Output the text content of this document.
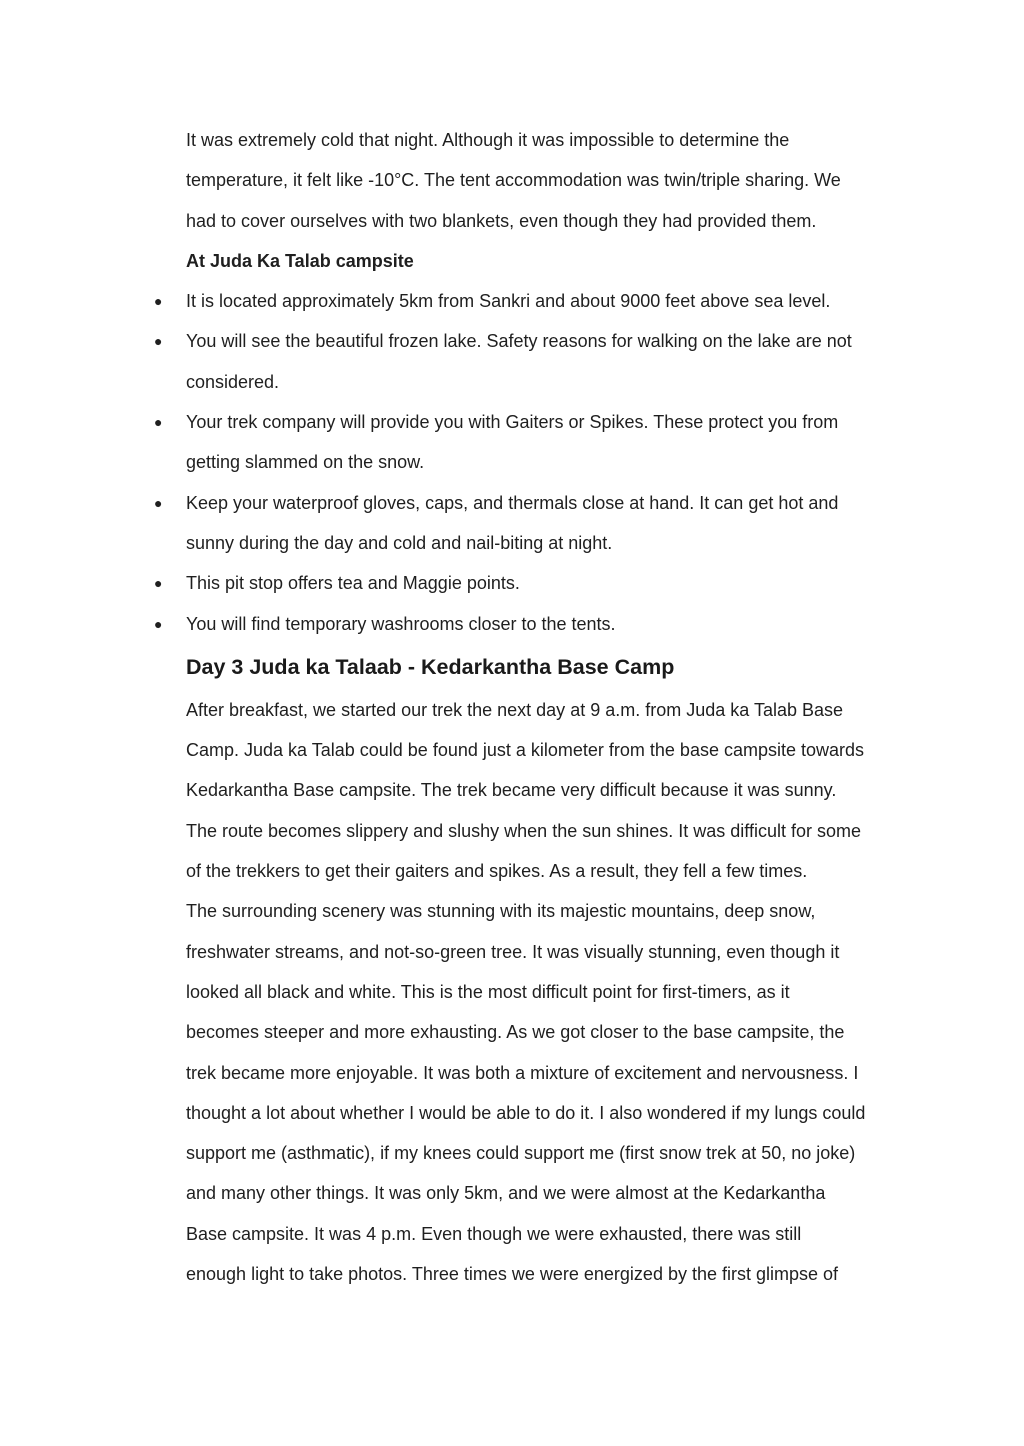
It was extremely cold that night. Although it was impossible to determine the

temperature, it felt like -10°C. The tent accommodation was twin/triple sharing. We

had to cover ourselves with two blankets, even though they had provided them.

At Juda Ka Talab campsite

● It is located approximately 5km from Sankri and about 9000 feet above sea level.
● You will see the beautiful frozen lake. Safety reasons for walking on the lake are not
considered.
● Your trek company will provide you with Gaiters or Spikes. These protect you from
getting slammed on the snow.
● Keep your waterproof gloves, caps, and thermals close at hand. It can get hot and
sunny during the day and cold and nail-biting at night.
● This pit stop offers tea and Maggie points.
● You will find temporary washrooms closer to the tents.
Day 3 Juda ka Talaab - Kedarkantha Base Camp

After breakfast, we started our trek the next day at 9 a.m. from Juda ka Talab Base

Camp. Juda ka Talab could be found just a kilometer from the base campsite towards

Kedarkantha Base campsite. The trek became very difficult because it was sunny.

The route becomes slippery and slushy when the sun shines. It was difficult for some

of the trekkers to get their gaiters and spikes. As a result, they fell a few times.

The surrounding scenery was stunning with its majestic mountains, deep snow,

freshwater streams, and not-so-green tree. It was visually stunning, even though it

looked all black and white. This is the most difficult point for first-timers, as it

becomes steeper and more exhausting. As we got closer to the base campsite, the

trek became more enjoyable. It was both a mixture of excitement and nervousness. I

thought a lot about whether I would be able to do it. I also wondered if my lungs could

support me (asthmatic), if my knees could support me (first snow trek at 50, no joke)

and many other things. It was only 5km, and we were almost at the Kedarkantha

Base campsite. It was 4 p.m. Even though we were exhausted, there was still

enough light to take photos. Three times we were energized by the first glimpse of
